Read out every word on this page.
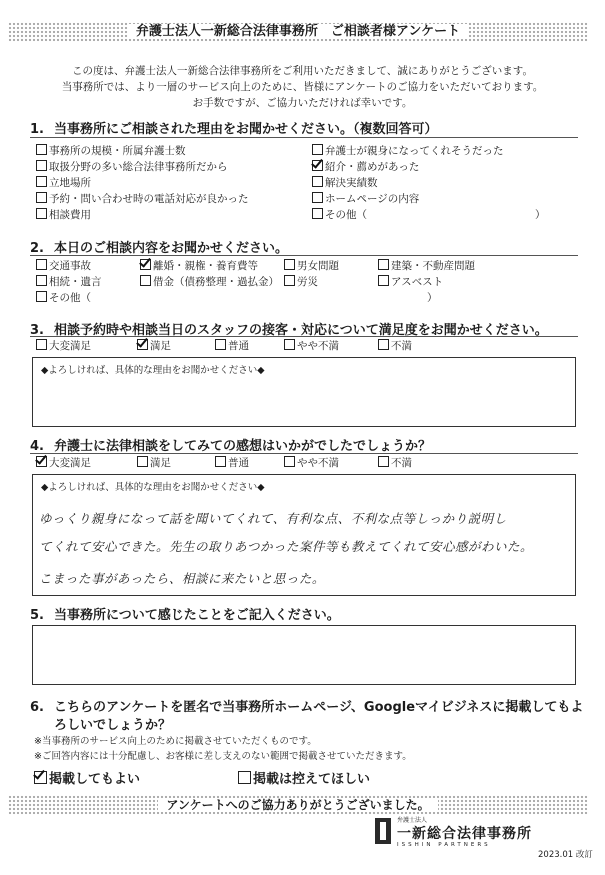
弁護士法人一新総合法律事務所　ご相談者様アンケート
この度は、弁護士法人一新総合法律事務所をご利用いただきまして、誠にありがとうございます。
当事務所では、より一層のサービス向上のために、皆様にアンケートのご協力をいただいております。
お手数ですが、ご協力いただければ幸いです。
1. 当事務所にご相談された理由をお聞かせください。（複数回答可）
事務所の規模・所属弁護士数	弁護士が親身になってくれそうだった
取扱分野の多い総合法律事務所だから	紹介・薦めがあった
立地場所	解決実績数
予約・問い合わせ時の電話対応が良かった	ホームページの内容
相談費用	その他（　　　　　　　　　　　　　　　　）
2. 本日のご相談内容をお聞かせください。
交通事故	離婚・親権・養育費等	男女問題	建築・不動産問題
相続・遺言	借金（債務整理・過払金）	労災	アスベスト
その他（　　　　　　　　　　　　　　　　　　　　　　　　　　　　　　　　）
3. 相談予約時や相談当日のスタッフの接客・対応について満足度をお聞かせください。
大変満足	満足	普通	やや不満	不満
◆よろしければ、具体的な理由をお聞かせください◆
4. 弁護士に法律相談をしてみての感想はいかがでしたでしょうか？
大変満足	満足	普通	やや不満	不満
◆よろしければ、具体的な理由をお聞かせください◆
ゆっくり親身になって話を聞いてくれて、有利な点、不利な点等しっかり説明し
てくれて安心できた。先生の取りあつかった案件等も教えてくれて安心感がわいた。
こまった事があったら、相談に来たいと思った。
5. 当事務所について感じたことをご記入ください。
6. こちらのアンケートを匿名で当事務所ホームページ、Googleマイビジネスに掲載してもよ
ろしいでしょうか？
※当事務所のサービス向上のために掲載させていただくものです。
※ご回答内容には十分配慮し、お客様に差し支えのない範囲で掲載させていただきます。
掲載してもよい	掲載は控えてほしい
アンケートへのご協力ありがとうございました。
弁護士法人
一新総合法律事務所
ISSHIN PARTNERS
2023.01 改訂
